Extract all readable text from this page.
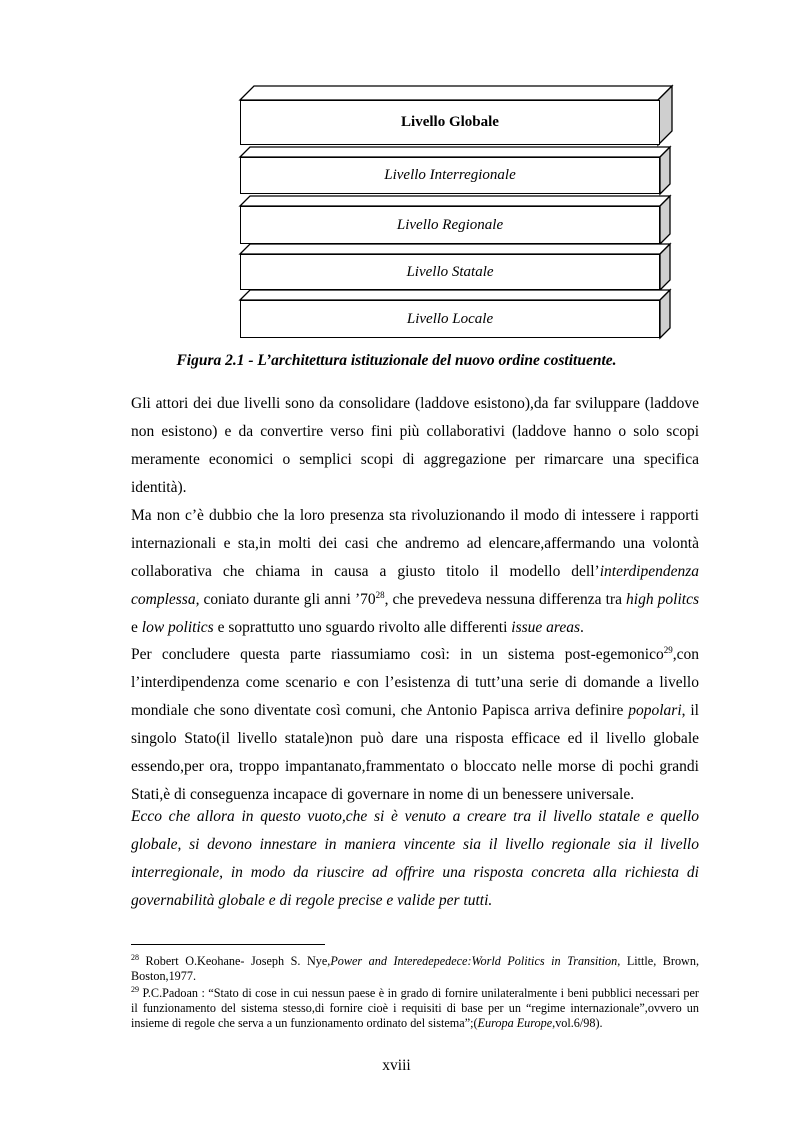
Livello Globale
Livello Interregionale
Livello Regionale
Livello Statale
Livello Locale
Figura 2.1 - L’architettura istituzionale del nuovo ordine costituente.

Gli attori dei due livelli sono da consolidare (laddove esistono),da far sviluppare (laddove non esistono) e da convertire verso fini più collaborativi (laddove hanno o solo scopi meramente economici o semplici scopi di aggregazione per rimarcare una specifica identità).

Ma non c’è dubbio che la loro presenza sta rivoluzionando il modo di intessere i rapporti internazionali e sta,in molti dei casi che andremo ad elencare,affermando una volontà collaborativa che chiama in causa a giusto titolo il modello dell’interdipendenza complessa, coniato durante gli anni $’70^{28}$, che prevedeva nessuna differenza tra high politcs e low politics e soprattutto uno sguardo rivolto alle differenti issue areas.

Per concludere questa parte riassumiamo così: in un sistema post-egemonico$^{29}$,con l’interdipendenza come scenario e con l’esistenza di tutt’una serie di domande a livello mondiale che sono diventate così comuni, che Antonio Papisca arriva definire popolari, il singolo Stato(il livello statale)non può dare una risposta efficace ed il livello globale essendo,per ora, troppo impantanato,frammentato o bloccato nelle morse di pochi grandi Stati,è di conseguenza incapace di governare in nome di un benessere universale.

Ecco che allora in questo vuoto,che si è venuto a creare tra il livello statale e quello globale, si devono innestare in maniera vincente sia il livello regionale sia il livello interregionale, in modo da riuscire ad offrire una risposta concreta alla richiesta di governabilità globale e di regole precise e valide per tutti.

$^{28}$ Robert O.Keohane- Joseph S. Nye,Power and Interedepedece:World Politics in Transition, Little, Brown, Boston,1977.

$^{29}$ P.C.Padoan : “Stato di cose in cui nessun paese è in grado di fornire unilateralmente i beni pubblici necessari per il funzionamento del sistema stesso,di fornire cioè i requisiti di base per un “regime internazionale”,ovvero un insieme di regole che serva a un funzionamento ordinato del sistema”;(Europa Europe,vol.6/98).

xviii
